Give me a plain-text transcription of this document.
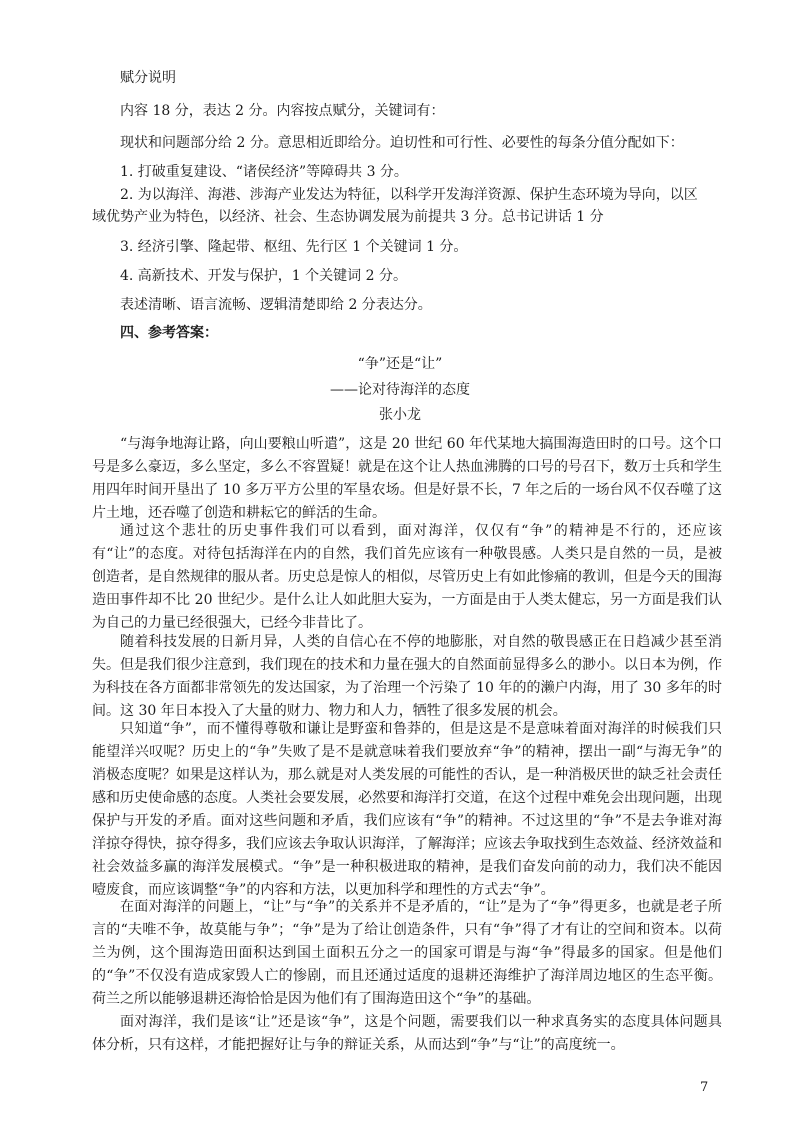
赋分说明
内容 18 分，表达 2 分。内容按点赋分，关键词有：
现状和问题部分给 2 分。意思相近即给分。迫切性和可行性、必要性的每条分值分配如下：
1. 打破重复建设、“诸侯经济”等障碍共 3 分。
2. 为以海洋、海港、涉海产业发达为特征，以科学开发海洋资源、保护生态环境为导向，以区
域优势产业为特色，以经济、社会、生态协调发展为前提共 3 分。总书记讲话 1 分
3. 经济引擎、隆起带、枢纽、先行区 1 个关键词 1 分。
4. 高新技术、开发与保护，1 个关键词 2 分。
表述清晰、语言流畅、逻辑清楚即给 2 分表达分。
四、参考答案：
“争”还是“让”
——论对待海洋的态度
张小龙
“与海争地海让路，向山要粮山听遣”，这是 20 世纪 60 年代某地大搞围海造田时的口号。这个口号是多么豪迈，多么坚定，多么不容置疑！就是在这个让人热血沸腾的口号的号召下，数万士兵和学生用四年时间开垦出了 10 多万平方公里的军垦农场。但是好景不长，7 年之后的一场台风不仅吞噬了这片土地，还吞噬了创造和耕耘它的鲜活的生命。
通过这个悲壮的历史事件我们可以看到，面对海洋，仅仅有“争”的精神是不行的，还应该有“让”的态度。对待包括海洋在内的自然，我们首先应该有一种敬畏感。人类只是自然的一员，是被创造者，是自然规律的服从者。历史总是惊人的相似，尽管历史上有如此惨痛的教训，但是今天的围海造田事件却不比 20 世纪少。是什么让人如此胆大妄为，一方面是由于人类太健忘，另一方面是我们认为自己的力量已经很强大，已经今非昔比了。
随着科技发展的日新月异，人类的自信心在不停的地膨胀，对自然的敬畏感正在日趋减少甚至消失。但是我们很少注意到，我们现在的技术和力量在强大的自然面前显得多么的渺小。以日本为例，作为科技在各方面都非常领先的发达国家，为了治理一个污染了 10 年的的濑户内海，用了 30 多年的时间。这 30 年日本投入了大量的财力、物力和人力，牺牲了很多发展的机会。
只知道“争”，而不懂得尊敬和谦让是野蛮和鲁莽的，但是这是不是意味着面对海洋的时候我们只能望洋兴叹呢？历史上的“争”失败了是不是就意味着我们要放弃“争”的精神，摆出一副“与海无争”的消极态度呢？如果是这样认为，那么就是对人类发展的可能性的否认，是一种消极厌世的缺乏社会责任感和历史使命感的态度。人类社会要发展，必然要和海洋打交道，在这个过程中难免会出现问题，出现保护与开发的矛盾。面对这些问题和矛盾，我们应该有“争”的精神。不过这里的“争”不是去争谁对海洋掠夺得快，掠夺得多，我们应该去争取认识海洋，了解海洋；应该去争取找到生态效益、经济效益和社会效益多赢的海洋发展模式。“争”是一种积极进取的精神，是我们奋发向前的动力，我们决不能因噎废食，而应该调整“争”的内容和方法，以更加科学和理性的方式去“争”。
在面对海洋的问题上，“让”与“争”的关系并不是矛盾的，“让”是为了“争”得更多，也就是老子所言的“夫唯不争，故莫能与争”；“争”是为了给让创造条件，只有“争”得了才有让的空间和资本。以荷兰为例，这个围海造田面积达到国土面积五分之一的国家可谓是与海“争”得最多的国家。但是他们的“争”不仅没有造成家毁人亡的惨剧，而且还通过适度的退耕还海维护了海洋周边地区的生态平衡。荷兰之所以能够退耕还海恰恰是因为他们有了围海造田这个“争”的基础。
面对海洋，我们是该“让”还是该“争”，这是个问题，需要我们以一种求真务实的态度具体问题具体分析，只有这样，才能把握好让与争的辩证关系，从而达到“争”与“让”的高度统一。
7
